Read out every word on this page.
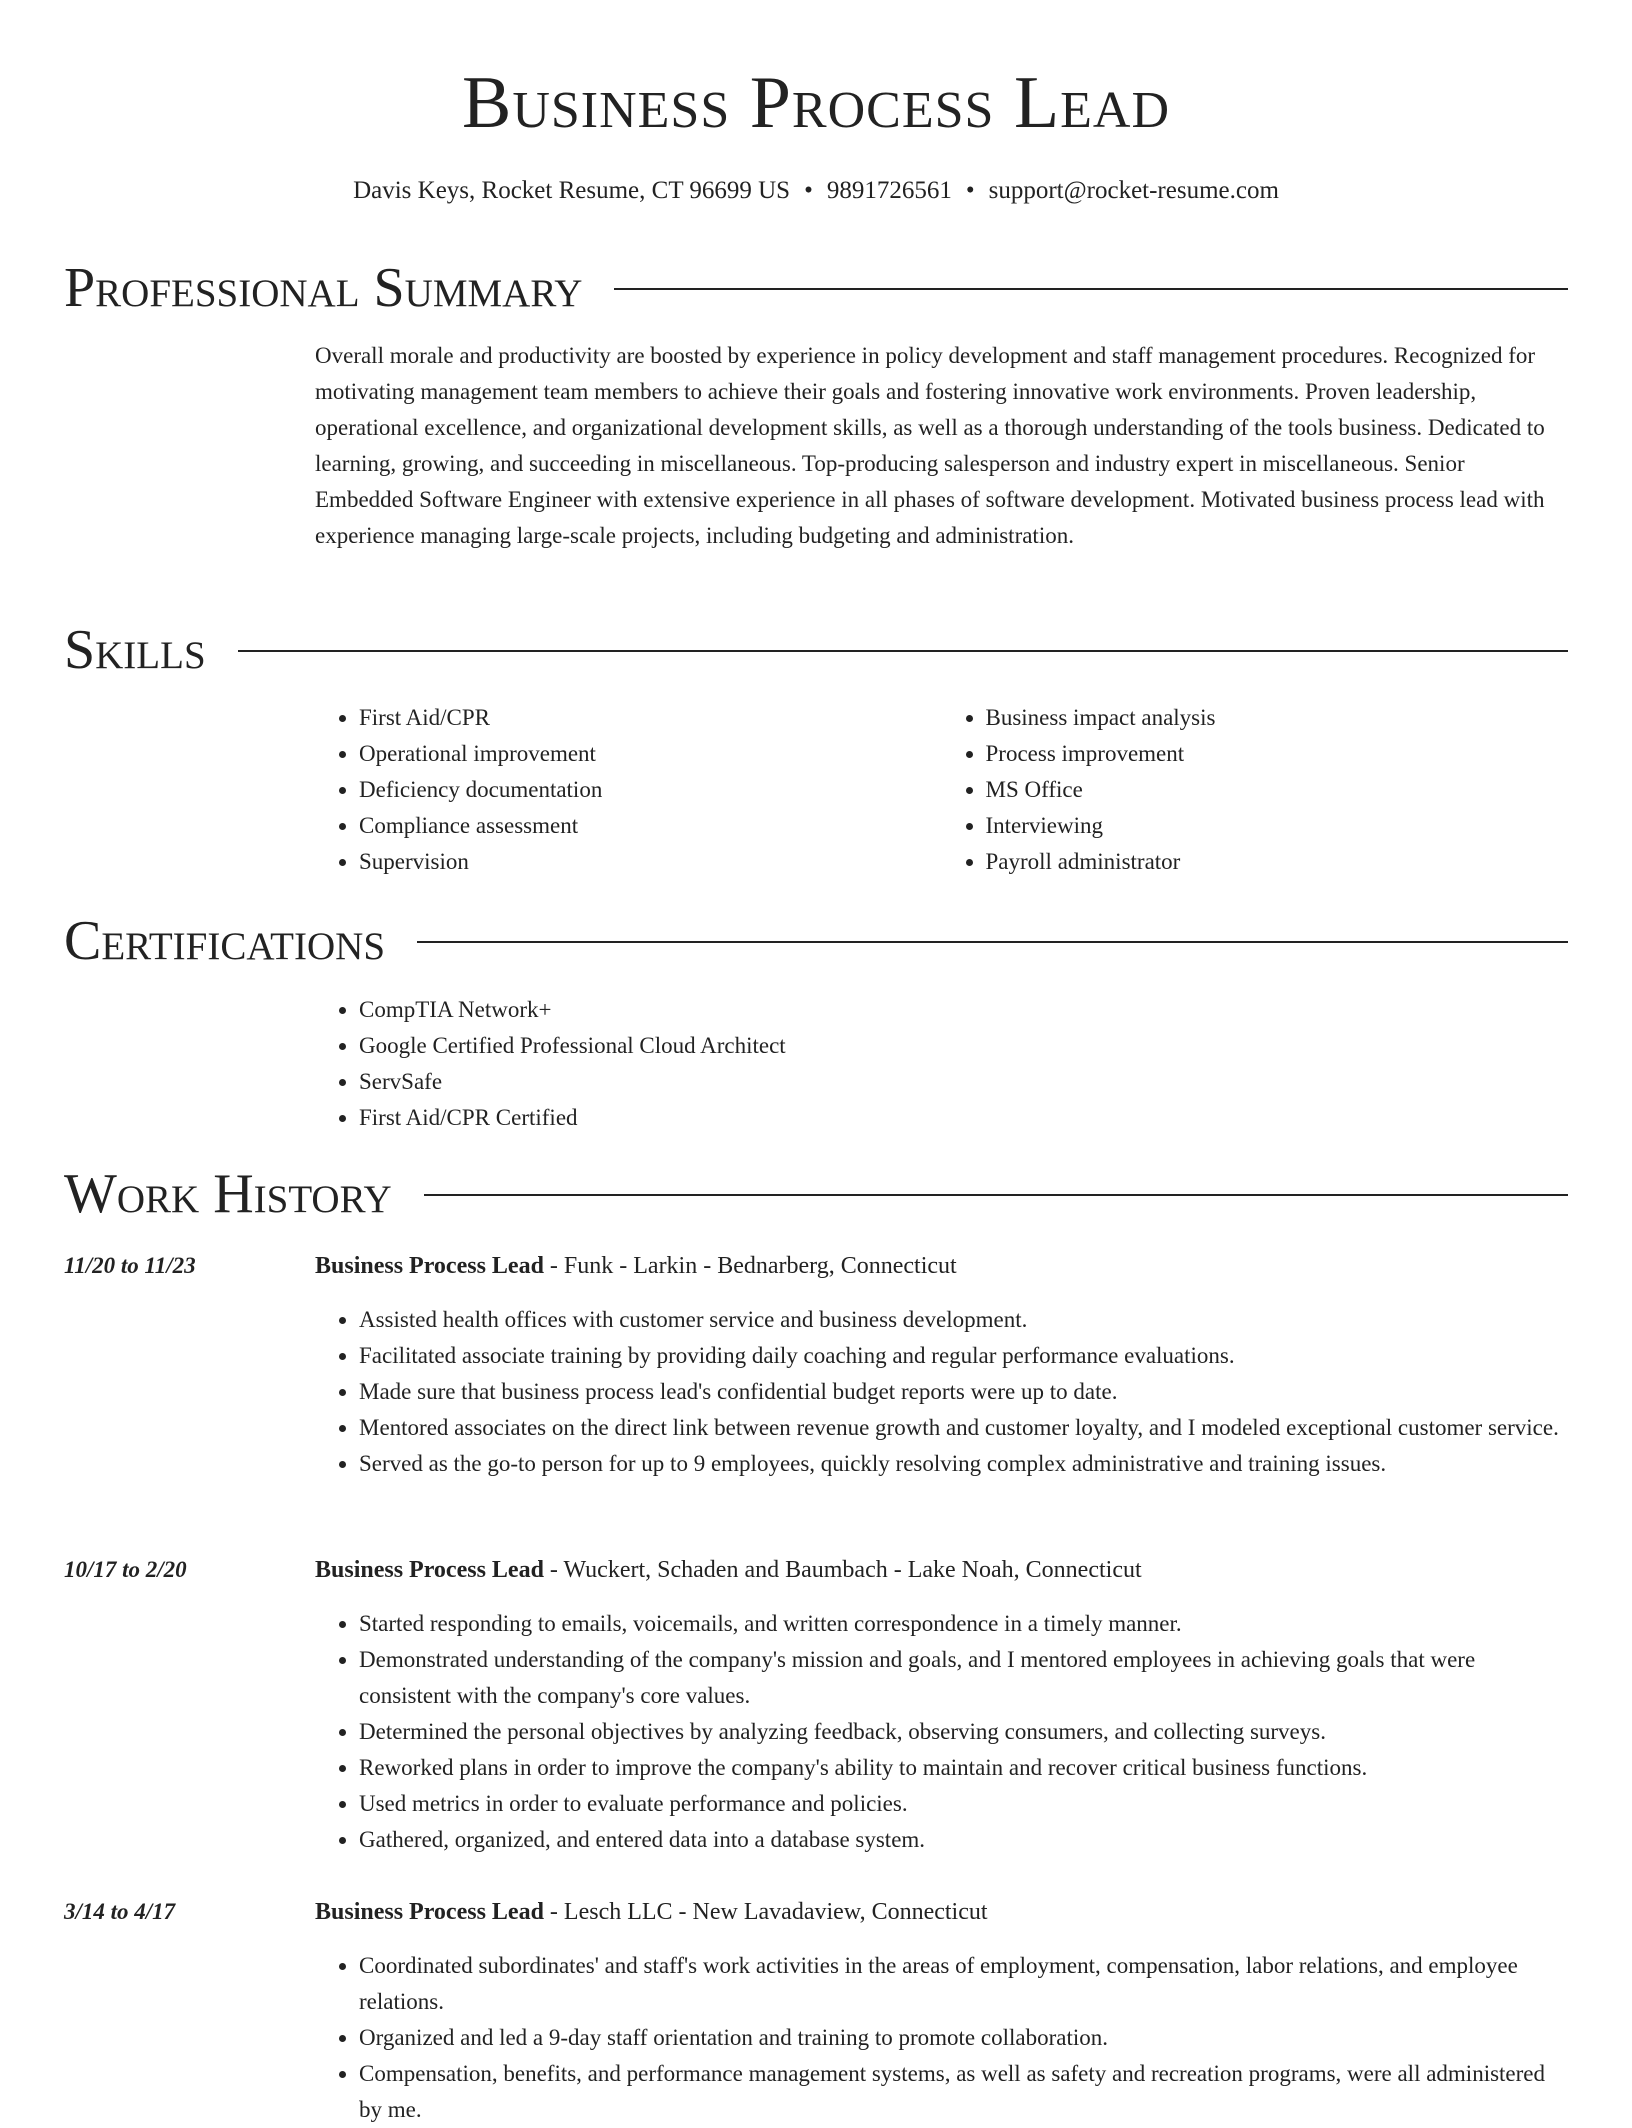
Business Process Lead
Davis Keys, Rocket Resume, CT 96699 US • 9891726561 • support@rocket-resume.com
Professional Summary

Overall morale and productivity are boosted by experience in policy development and staff management procedures. Recognized for motivating management team members to achieve their goals and fostering innovative work environments. Proven leadership, operational excellence, and organizational development skills, as well as a thorough understanding of the tools business. Dedicated to learning, growing, and succeeding in miscellaneous. Top-producing salesperson and industry expert in miscellaneous. Senior Embedded Software Engineer with extensive experience in all phases of software development. Motivated business process lead with experience managing large-scale projects, including budgeting and administration.

Skills
• First Aid/CPR
• Operational improvement
• Deficiency documentation
• Compliance assessment
• Supervision
• Business impact analysis
• Process improvement
• MS Office
• Interviewing
• Payroll administrator
Certifications
• CompTIA Network+
• Google Certified Professional Cloud Architect
• ServSafe
• First Aid/CPR Certified
Work History
11/20 to 11/23	Business Process Lead - Funk - Larkin - Bednarberg, Connecticut
• Assisted health offices with customer service and business development.
• Facilitated associate training by providing daily coaching and regular performance evaluations.
• Made sure that business process lead's confidential budget reports were up to date.
• Mentored associates on the direct link between revenue growth and customer loyalty, and I modeled exceptional customer service.
• Served as the go-to person for up to 9 employees, quickly resolving complex administrative and training issues.
10/17 to 2/20	Business Process Lead - Wuckert, Schaden and Baumbach - Lake Noah, Connecticut
• Started responding to emails, voicemails, and written correspondence in a timely manner.
• Demonstrated understanding of the company's mission and goals, and I mentored employees in achieving goals that were consistent with the company's core values.
• Determined the personal objectives by analyzing feedback, observing consumers, and collecting surveys.
• Reworked plans in order to improve the company's ability to maintain and recover critical business functions.
• Used metrics in order to evaluate performance and policies.
• Gathered, organized, and entered data into a database system.
3/14 to 4/17	Business Process Lead - Lesch LLC - New Lavadaview, Connecticut
• Coordinated subordinates' and staff's work activities in the areas of employment, compensation, labor relations, and employee relations.
• Organized and led a 9-day staff orientation and training to promote collaboration.
• Compensation, benefits, and performance management systems, as well as safety and recreation programs, were all administered by me.
